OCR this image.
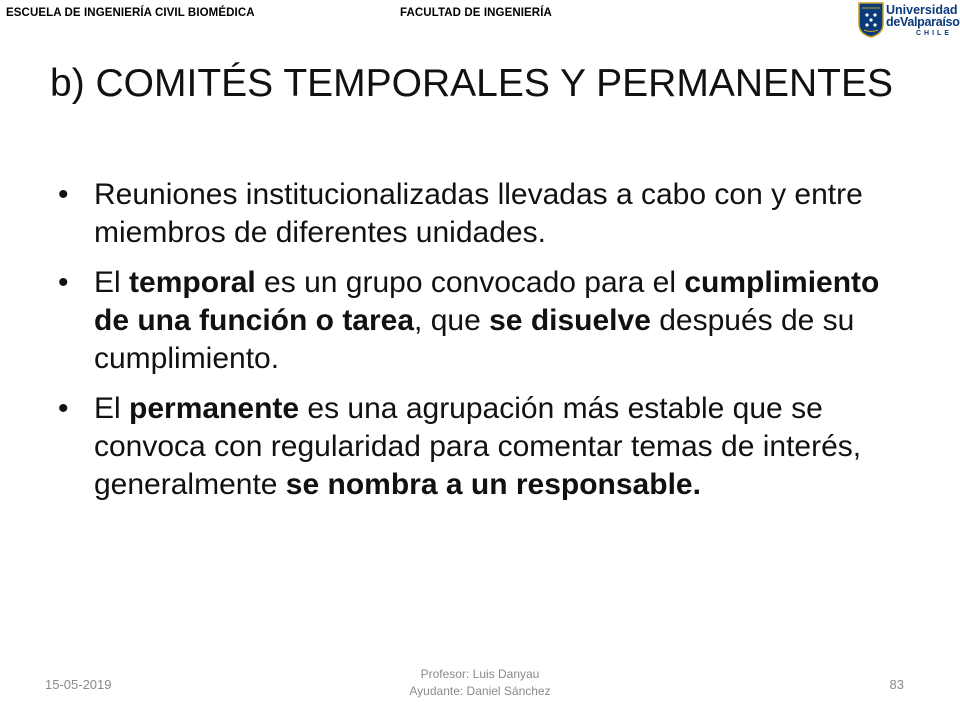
ESCUELA DE INGENIERÍA CIVIL BIOMÉDICA	FACULTAD DE INGENIERÍA	Universidad
deValparaíso
CHILE
b) COMITÉS TEMPORALES Y PERMANENTES
• Reuniones institucionalizadas llevadas a cabo con y entre miembros de diferentes unidades.
• El temporal es un grupo convocado para el cumplimiento de una función o tarea, que se disuelve después de su cumplimiento.
• El permanente es una agrupación más estable que se convoca con regularidad para comentar temas de interés, generalmente se nombra a un responsable.
15-05-2019
Profesor: Luis Danyau
Ayudante: Daniel Sánchez	83
